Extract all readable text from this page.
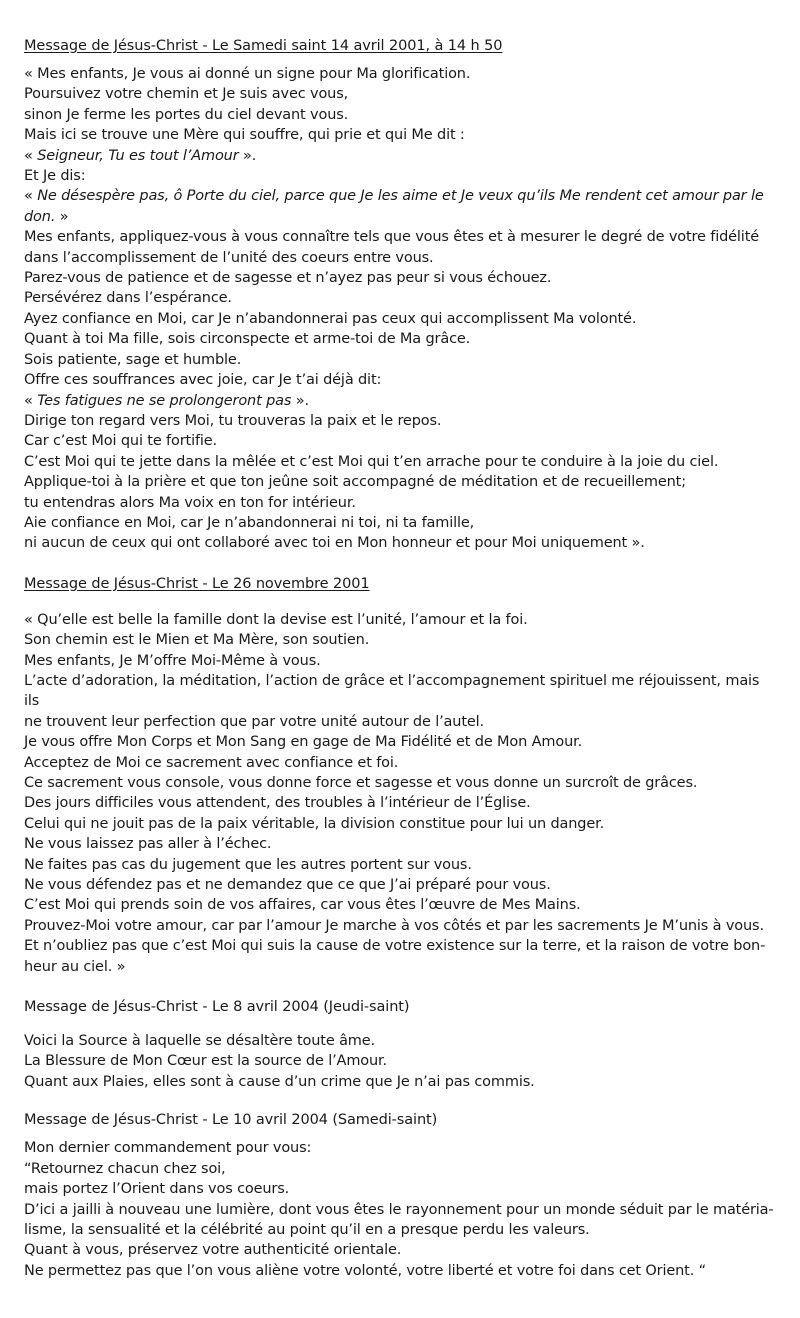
Message de Jésus-Christ - Le Samedi saint 14 avril 2001, à 14 h 50

« Mes enfants, Je vous ai donné un signe pour Ma glorification.

Poursuivez votre chemin et Je suis avec vous,

sinon Je ferme les portes du ciel devant vous.

Mais ici se trouve une Mère qui souffre, qui prie et qui Me dit :

« Seigneur, Tu es tout l’Amour ».

Et Je dis:

« Ne désespère pas, ô Porte du ciel, parce que Je les aime et Je veux qu’ils Me rendent cet amour par le

don. »

Mes enfants, appliquez-vous à vous connaître tels que vous êtes et à mesurer le degré de votre fidélité

dans l’accomplissement de l’unité des coeurs entre vous.

Parez-vous de patience et de sagesse et n’ayez pas peur si vous échouez.

Persévérez dans l’espérance.

Ayez confiance en Moi, car Je n’abandonnerai pas ceux qui accomplissent Ma volonté.

Quant à toi Ma fille, sois circonspecte et arme-toi de Ma grâce.

Sois patiente, sage et humble.

Offre ces souffrances avec joie, car Je t’ai déjà dit:

« Tes fatigues ne se prolongeront pas ».

Dirige ton regard vers Moi, tu trouveras la paix et le repos.

Car c’est Moi qui te fortifie.

C’est Moi qui te jette dans la mêlée et c’est Moi qui t’en arrache pour te conduire à la joie du ciel.

Applique-toi à la prière et que ton jeûne soit accompagné de méditation et de recueillement;

tu entendras alors Ma voix en ton for intérieur.

Aie confiance en Moi, car Je n’abandonnerai ni toi, ni ta famille,

ni aucun de ceux qui ont collaboré avec toi en Mon honneur et pour Moi uniquement ».

Message de Jésus-Christ - Le 26 novembre 2001

« Qu’elle est belle la famille dont la devise est l’unité, l’amour et la foi.

Son chemin est le Mien et Ma Mère, son soutien.

Mes enfants, Je M’offre Moi-Même à vous.

L’acte d’adoration, la méditation, l’action de grâce et l’accompagnement spirituel me réjouissent, mais ils

ne trouvent leur perfection que par votre unité autour de l’autel.

Je vous offre Mon Corps et Mon Sang en gage de Ma Fidélité et de Mon Amour.

Acceptez de Moi ce sacrement avec confiance et foi.

Ce sacrement vous console, vous donne force et sagesse et vous donne un surcroît de grâces.

Des jours difficiles vous attendent, des troubles à l’intérieur de l’Église.

Celui qui ne jouit pas de la paix véritable, la division constitue pour lui un danger.

Ne vous laissez pas aller à l’échec.

Ne faites pas cas du jugement que les autres portent sur vous.

Ne vous défendez pas et ne demandez que ce que J’ai préparé pour vous.

C’est Moi qui prends soin de vos affaires, car vous êtes l’œuvre de Mes Mains.

Prouvez-Moi votre amour, car par l’amour Je marche à vos côtés et par les sacrements Je M’unis à vous.

Et n’oubliez pas que c’est Moi qui suis la cause de votre existence sur la terre, et la raison de votre bon-

heur au ciel. »

Message de Jésus-Christ - Le 8 avril 2004 (Jeudi-saint)

Voici la Source à laquelle se désaltère toute âme.

La Blessure de Mon Cœur est la source de l’Amour.

Quant aux Plaies, elles sont à cause d’un crime que Je n’ai pas commis.

Message de Jésus-Christ - Le 10 avril 2004 (Samedi-saint)

Mon dernier commandement pour vous:

“Retournez chacun chez soi,

mais portez l’Orient dans vos coeurs.

D’ici a jailli à nouveau une lumière, dont vous êtes le rayonnement pour un monde séduit par le matéria-

lisme, la sensualité et la célébrité au point qu’il en a presque perdu les valeurs.

Quant à vous, préservez votre authenticité orientale.

Ne permettez pas que l’on vous aliène votre volonté, votre liberté et votre foi dans cet Orient. “
